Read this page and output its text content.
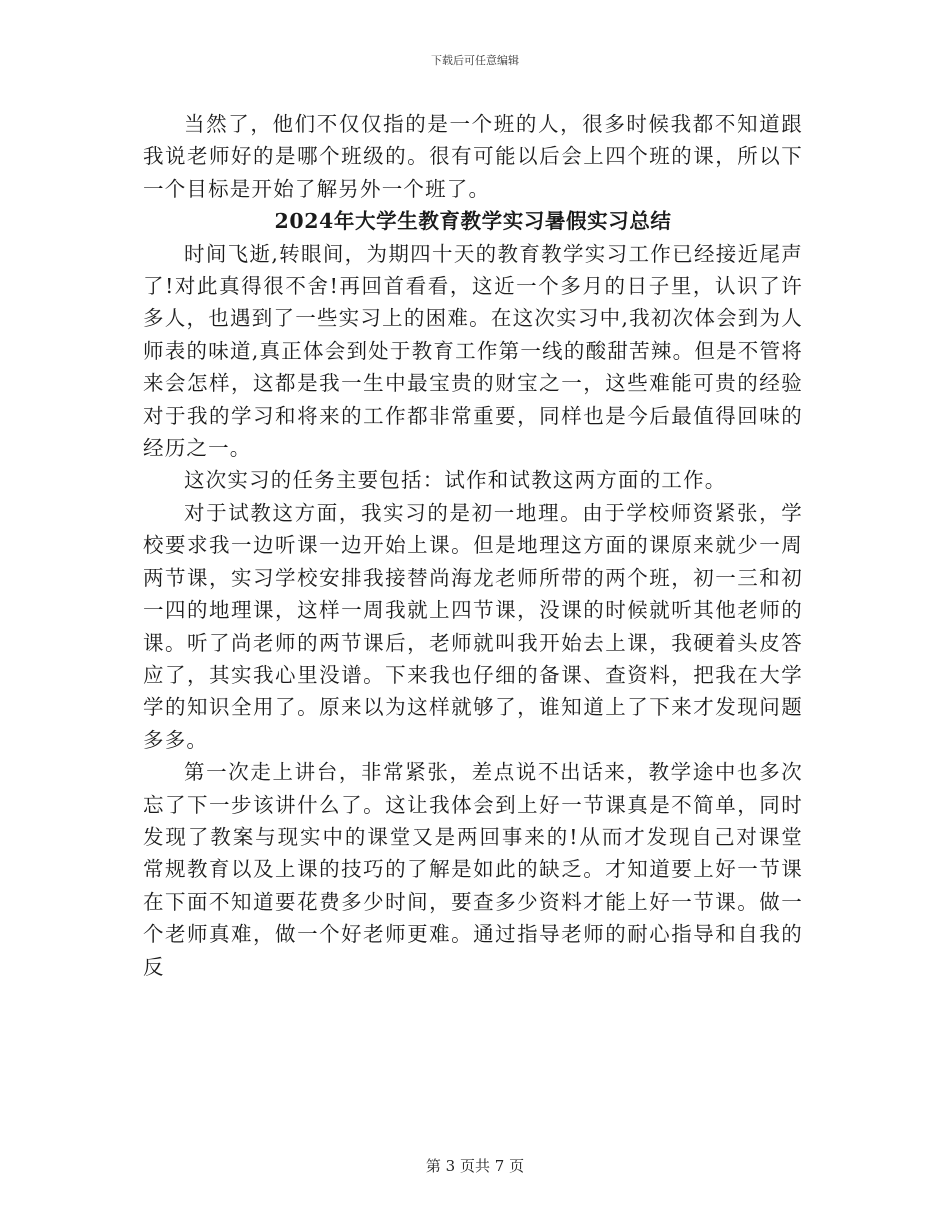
下载后可任意编辑

当然了，他们不仅仅指的是一个班的人，很多时候我都不知道跟我说老师好的是哪个班级的。很有可能以后会上四个班的课，所以下一个目标是开始了解另外一个班了。

2024年大学生教育教学实习暑假实习总结

时间飞逝,转眼间，为期四十天的教育教学实习工作已经接近尾声了!对此真得很不舍!再回首看看，这近一个多月的日子里，认识了许多人，也遇到了一些实习上的困难。在这次实习中,我初次体会到为人师表的味道,真正体会到处于教育工作第一线的酸甜苦辣。但是不管将来会怎样，这都是我一生中最宝贵的财宝之一，这些难能可贵的经验对于我的学习和将来的工作都非常重要，同样也是今后最值得回味的经历之一。

这次实习的任务主要包括：试作和试教这两方面的工作。

对于试教这方面，我实习的是初一地理。由于学校师资紧张，学校要求我一边听课一边开始上课。但是地理这方面的课原来就少一周两节课，实习学校安排我接替尚海龙老师所带的两个班，初一三和初一四的地理课，这样一周我就上四节课，没课的时候就听其他老师的课。听了尚老师的两节课后，老师就叫我开始去上课，我硬着头皮答应了，其实我心里没谱。下来我也仔细的备课、查资料，把我在大学学的知识全用了。原来以为这样就够了，谁知道上了下来才发现问题多多。

第一次走上讲台，非常紧张，差点说不出话来，教学途中也多次忘了下一步该讲什么了。这让我体会到上好一节课真是不简单，同时发现了教案与现实中的课堂又是两回事来的!从而才发现自己对课堂常规教育以及上课的技巧的了解是如此的缺乏。才知道要上好一节课在下面不知道要花费多少时间，要查多少资料才能上好一节课。做一个老师真难，做一个好老师更难。通过指导老师的耐心指导和自我的反

第 3 页共 7 页
